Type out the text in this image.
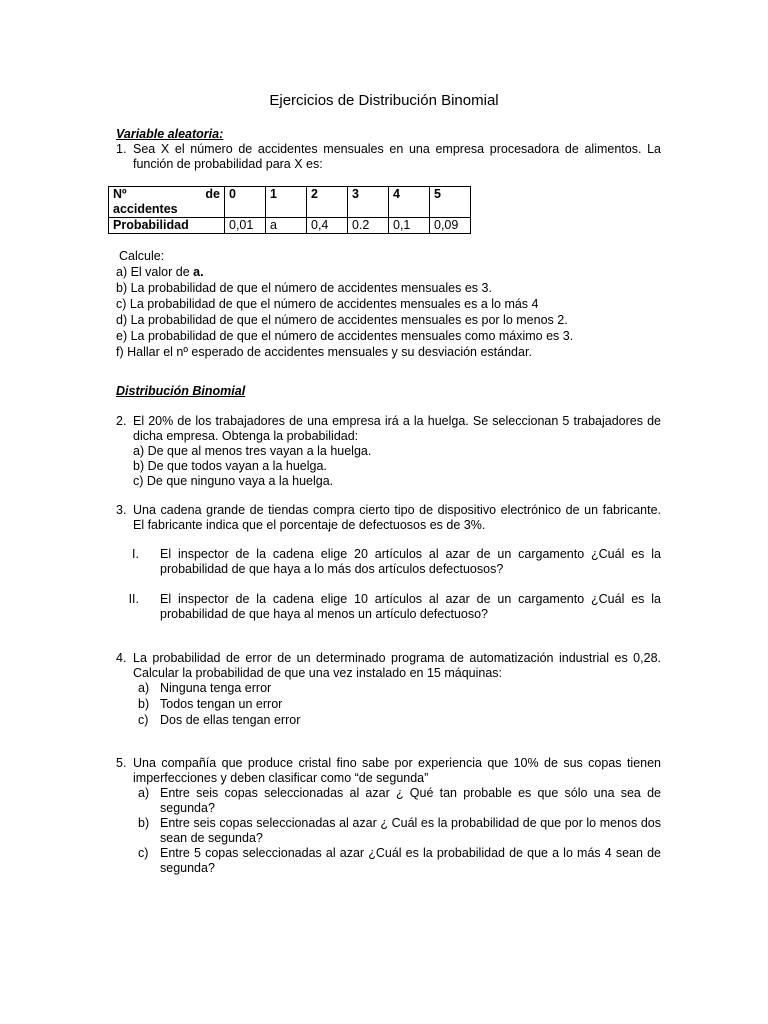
Ejercicios de Distribución Binomial
Variable aleatoria:
1. Sea X el número de accidentes mensuales en una empresa procesadora de alimentos. La función de probabilidad para X es:
Nº de
accidentes	0	1	2	3	4	5
Probabilidad	0,01	a	0,4	0.2	0,1	0,09
Calcule:
a) El valor de a.
b) La probabilidad de que el número de accidentes mensuales es 3.
c) La probabilidad de que el número de accidentes mensuales es a lo más 4
d) La probabilidad de que el número de accidentes mensuales es por lo menos 2.
e) La probabilidad de que el número de accidentes mensuales como máximo es 3.
f) Hallar el nº esperado de accidentes mensuales y su desviación estándar.
Distribución Binomial
2. El 20% de los trabajadores de una empresa irá a la huelga. Se seleccionan 5 trabajadores de dicha empresa. Obtenga la probabilidad:
a) De que al menos tres vayan a la huelga.
b) De que todos vayan a la huelga.
c) De que ninguno vaya a la huelga.
3. Una cadena grande de tiendas compra cierto tipo de dispositivo electrónico de un fabricante. El fabricante indica que el porcentaje de defectuosos es de 3%.
I. El inspector de la cadena elige 20 artículos al azar de un cargamento ¿Cuál es la probabilidad de que haya a lo más dos artículos defectuosos?
II. El inspector de la cadena elige 10 artículos al azar de un cargamento ¿Cuál es la probabilidad de que haya al menos un artículo defectuoso?
4. La probabilidad de error de un determinado programa de automatización industrial es 0,28. Calcular la probabilidad de que una vez instalado en 15 máquinas:
a) Ninguna tenga error
b) Todos tengan un error
c) Dos de ellas tengan error
5. Una compañía que produce cristal fino sabe por experiencia que 10% de sus copas tienen imperfecciones y deben clasificar como “de segunda”
a) Entre seis copas seleccionadas al azar ¿ Qué tan probable es que sólo una sea de segunda?
b) Entre seis copas seleccionadas al azar ¿ Cuál es la probabilidad de que por lo menos dos sean de segunda?
c) Entre 5 copas seleccionadas al azar ¿Cuál es la probabilidad de que a lo más 4 sean de segunda?
